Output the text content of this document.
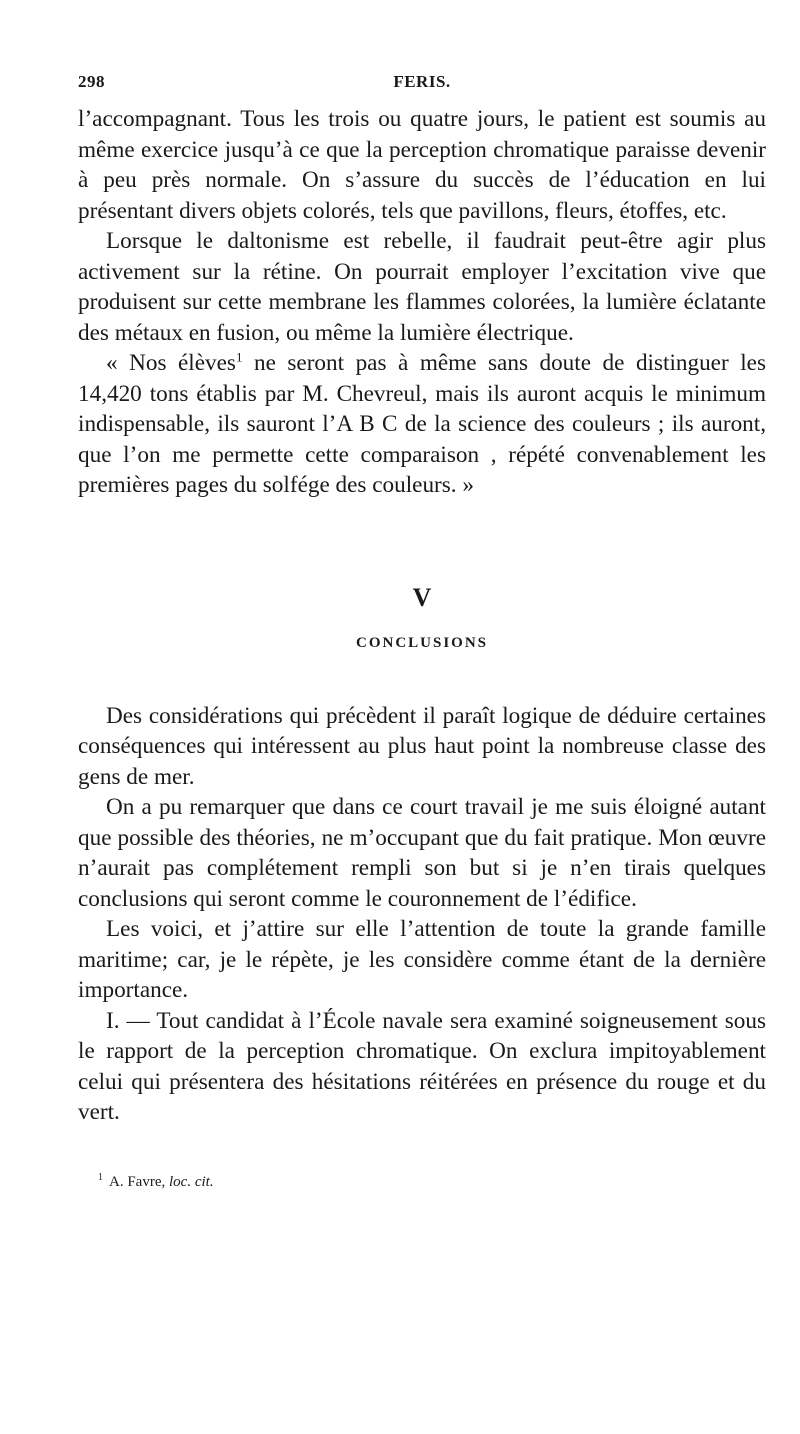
298	FERIS.

l’accompagnant. Tous les trois ou quatre jours, le patient est soumis au même exercice jusqu’à ce que la perception chromatique paraisse devenir à peu près normale. On s’assure du succès de l’éducation en lui présentant divers objets colorés, tels que pavillons, fleurs, étoffes, etc.

Lorsque le daltonisme est rebelle, il faudrait peut-être agir plus activement sur la rétine. On pourrait employer l’excitation vive que produisent sur cette membrane les flammes colorées, la lumière éclatante des métaux en fusion, ou même la lumière électrique.

« Nos élèves$^1$ ne seront pas à même sans doute de distinguer les 14,420 tons établis par M. Chevreul, mais ils auront acquis le minimum indispensable, ils sauront l’A B C de la science des couleurs ; ils auront, que l’on me permette cette comparaison , répété convenablement les premières pages du solfége des couleurs. »

V
CONCLUSIONS

Des considérations qui précèdent il paraît logique de déduire certaines conséquences qui intéressent au plus haut point la nombreuse classe des gens de mer.

On a pu remarquer que dans ce court travail je me suis éloigné autant que possible des théories, ne m’occupant que du fait pratique. Mon œuvre n’aurait pas complétement rempli son but si je n’en tirais quelques conclusions qui seront comme le couronnement de l’édifice.

Les voici, et j’attire sur elle l’attention de toute la grande famille maritime; car, je le répète, je les considère comme étant de la dernière importance.

I. — Tout candidat à l’École navale sera examiné soigneusement sous le rapport de la perception chromatique. On exclura impitoyablement celui qui présentera des hésitations réitérées en présence du rouge et du vert.

$^1$ A. Favre, loc. cit.
